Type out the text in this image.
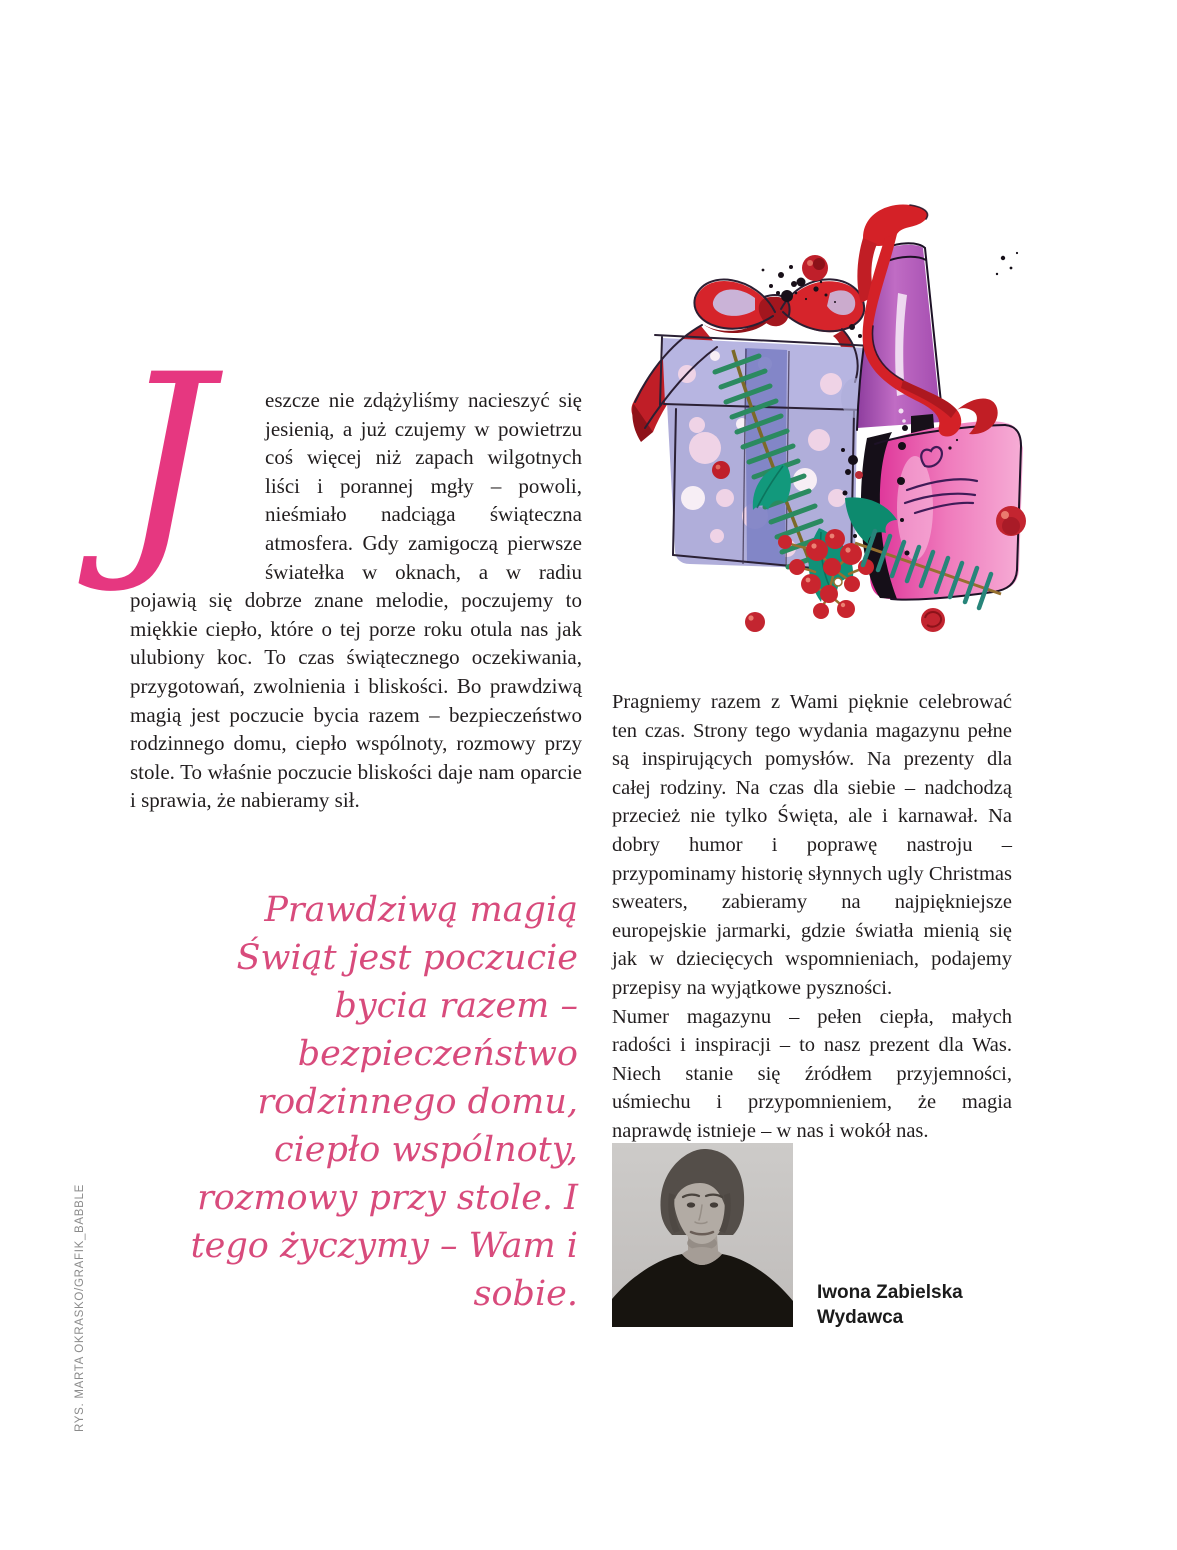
J	eszcze nie zdążyliśmy nacieszyć się jesienią, a już czujemy w powietrzu coś więcej niż zapach wilgotnych liści i porannej mgły – powoli, nieśmiało nadciąga świąteczna atmosfera. Gdy zamigoczą pierwsze światełka w oknach, a w radiu pojawią się dobrze znane melodie, poczujemy to miękkie ciepło, które o tej porze roku otula nas jak ulubiony koc. To czas świątecznego oczekiwania, przygotowań, zwolnienia i bliskości. Bo prawdziwą magią jest poczucie bycia razem – bezpieczeństwo rodzinnego domu, ciepło wspólnoty, rozmowy przy stole. To właśnie poczucie bliskości daje nam oparcie i sprawia, że nabieramy sił.

Prawdziwą magią Świąt jest poczucie bycia razem – bezpieczeństwo rodzinnego domu, ciepło wspólnoty, rozmowy przy stole. I tego życzymy – Wam i sobie.

Pragniemy razem z Wami pięknie celebrować ten czas. Strony tego wydania magazynu pełne są inspirujących pomysłów. Na prezenty dla całej rodziny. Na czas dla siebie – nadchodzą przecież nie tylko Święta, ale i karnawał. Na dobry humor i poprawę nastroju – przypominamy historię słynnych ugly Christmas sweaters, zabieramy na najpiękniejsze europejskie jarmarki, gdzie światła mienią się jak w dziecięcych wspomnieniach, podajemy przepisy na wyjątkowe pyszności.

Numer magazynu – pełen ciepła, małych radości i inspiracji – to nasz prezent dla Was. Niech stanie się źródłem przyjemności, uśmiechu i przypomnieniem, że magia naprawdę istnieje – w nas i wokół nas.

Iwona Zabielska
Wydawca
RYS. MARTA OKRASKO/GRAFIK_BABBLE
